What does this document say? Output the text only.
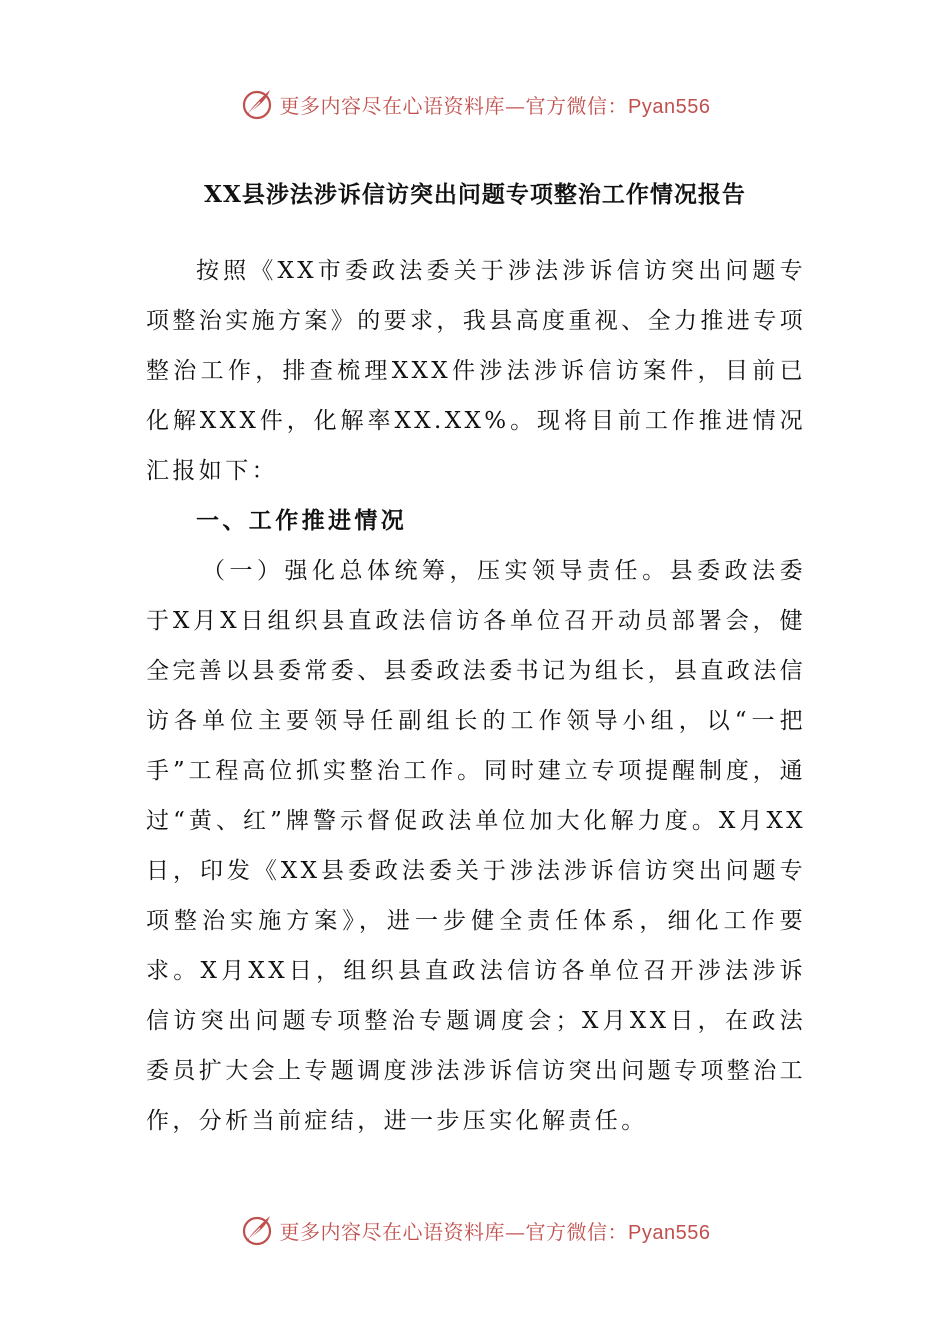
更多内容尽在心语资料库—官方微信：Pyan556
XX县涉法涉诉信访突出问题专项整治工作情况报告

按照《XX市委政法委关于涉法涉诉信访突出问题专项整治实施方案》的要求，我县高度重视、全力推进专项整治工作，排查梳理XXX件涉法涉诉信访案件，目前已化解XXX件，化解率XX.XX%。现将目前工作推进情况汇报如下：

一、工作推进情况

（一）强化总体统筹，压实领导责任。县委政法委于X月X日组织县直政法信访各单位召开动员部署会，健全完善以县委常委、县委政法委书记为组长，县直政法信访各单位主要领导任副组长的工作领导小组，以“一把手”工程高位抓实整治工作。同时建立专项提醒制度，通过“黄、红”牌警示督促政法单位加大化解力度。X月XX日，印发《XX县委政法委关于涉法涉诉信访突出问题专项整治实施方案》，进一步健全责任体系，细化工作要求。X月XX日，组织县直政法信访各单位召开涉法涉诉信访突出问题专项整治专题调度会；X月XX日，在政法委员扩大会上专题调度涉法涉诉信访突出问题专项整治工作，分析当前症结，进一步压实化解责任。

更多内容尽在心语资料库—官方微信：Pyan556
